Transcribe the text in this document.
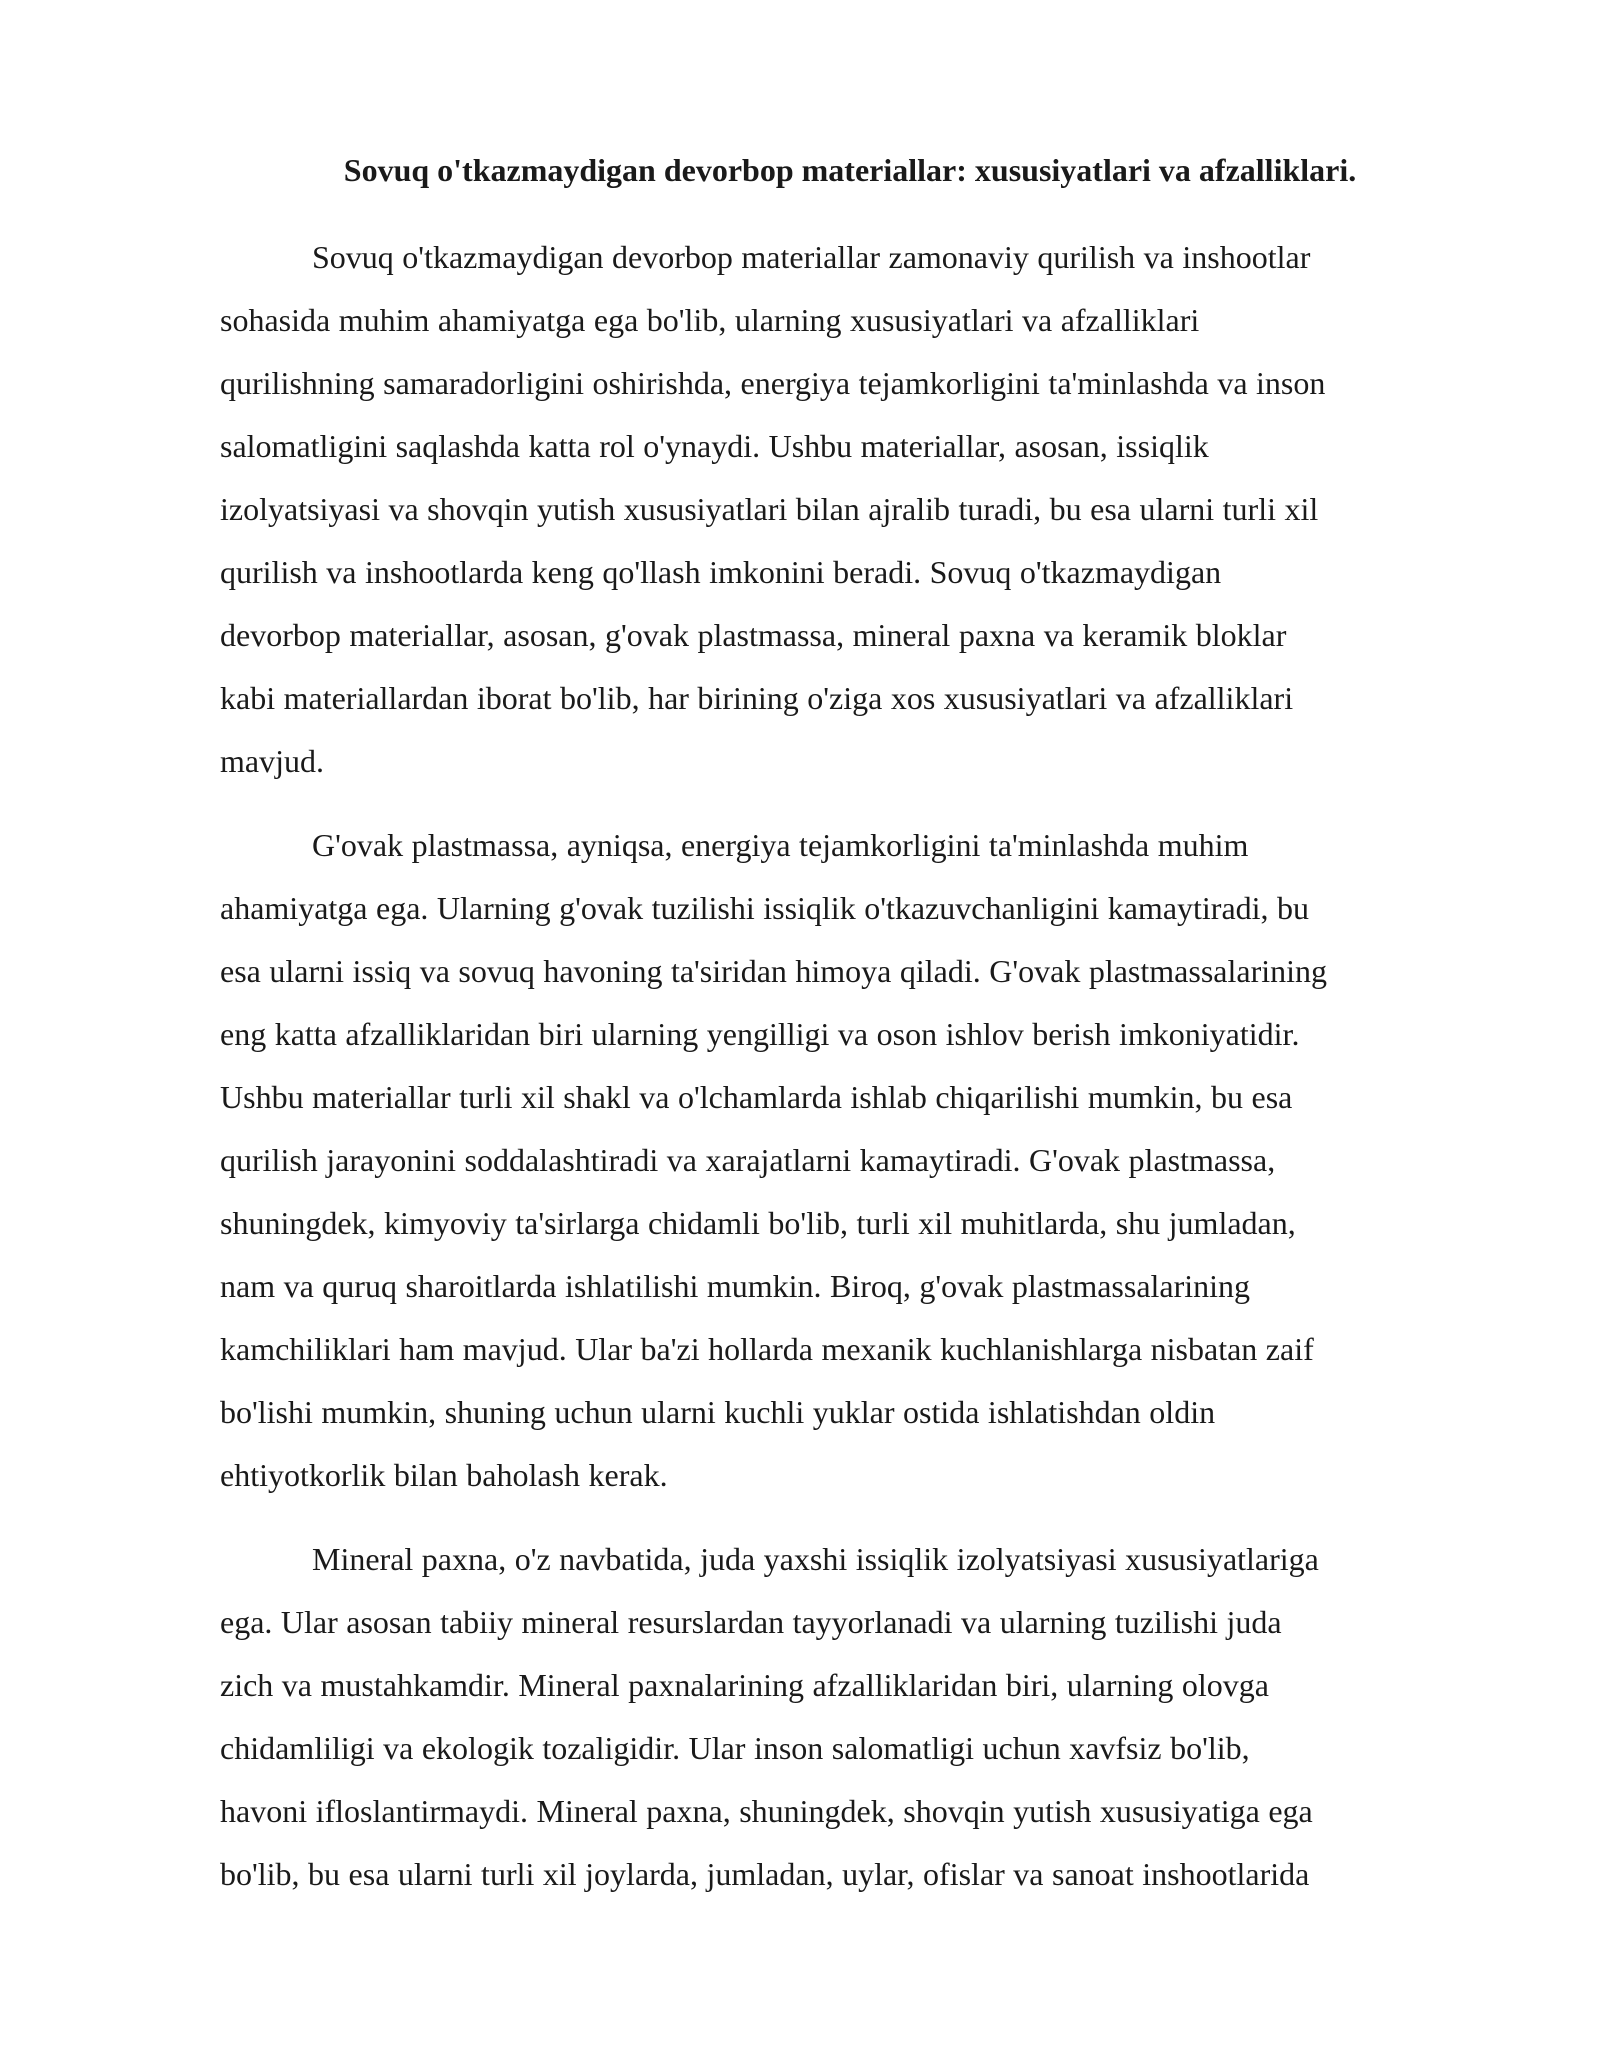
Sovuq o'tkazmaydigan devorbop materiallar: xususiyatlari va afzalliklari.

Sovuq o'tkazmaydigan devorbop materiallar zamonaviy qurilish va inshootlar
sohasida muhim ahamiyatga ega bo'lib, ularning xususiyatlari va afzalliklari
qurilishning samaradorligini oshirishda, energiya tejamkorligini ta'minlashda va inson
salomatligini saqlashda katta rol o'ynaydi. Ushbu materiallar, asosan, issiqlik
izolyatsiyasi va shovqin yutish xususiyatlari bilan ajralib turadi, bu esa ularni turli xil
qurilish va inshootlarda keng qo'llash imkonini beradi. Sovuq o'tkazmaydigan
devorbop materiallar, asosan, g'ovak plastmassa, mineral paxna va keramik bloklar
kabi materiallardan iborat bo'lib, har birining o'ziga xos xususiyatlari va afzalliklari
mavjud.

G'ovak plastmassa, ayniqsa, energiya tejamkorligini ta'minlashda muhim
ahamiyatga ega. Ularning g'ovak tuzilishi issiqlik o'tkazuvchanligini kamaytiradi, bu
esa ularni issiq va sovuq havoning ta'siridan himoya qiladi. G'ovak plastmassalarining
eng katta afzalliklaridan biri ularning yengilligi va oson ishlov berish imkoniyatidir.
Ushbu materiallar turli xil shakl va o'lchamlarda ishlab chiqarilishi mumkin, bu esa
qurilish jarayonini soddalashtiradi va xarajatlarni kamaytiradi. G'ovak plastmassa,
shuningdek, kimyoviy ta'sirlarga chidamli bo'lib, turli xil muhitlarda, shu jumladan,
nam va quruq sharoitlarda ishlatilishi mumkin. Biroq, g'ovak plastmassalarining
kamchiliklari ham mavjud. Ular ba'zi hollarda mexanik kuchlanishlarga nisbatan zaif
bo'lishi mumkin, shuning uchun ularni kuchli yuklar ostida ishlatishdan oldin
ehtiyotkorlik bilan baholash kerak.

Mineral paxna, o'z navbatida, juda yaxshi issiqlik izolyatsiyasi xususiyatlariga
ega. Ular asosan tabiiy mineral resurslardan tayyorlanadi va ularning tuzilishi juda
zich va mustahkamdir. Mineral paxnalarining afzalliklaridan biri, ularning olovga
chidamliligi va ekologik tozaligidir. Ular inson salomatligi uchun xavfsiz bo'lib,
havoni ifloslantirmaydi. Mineral paxna, shuningdek, shovqin yutish xususiyatiga ega
bo'lib, bu esa ularni turli xil joylarda, jumladan, uylar, ofislar va sanoat inshootlarida
